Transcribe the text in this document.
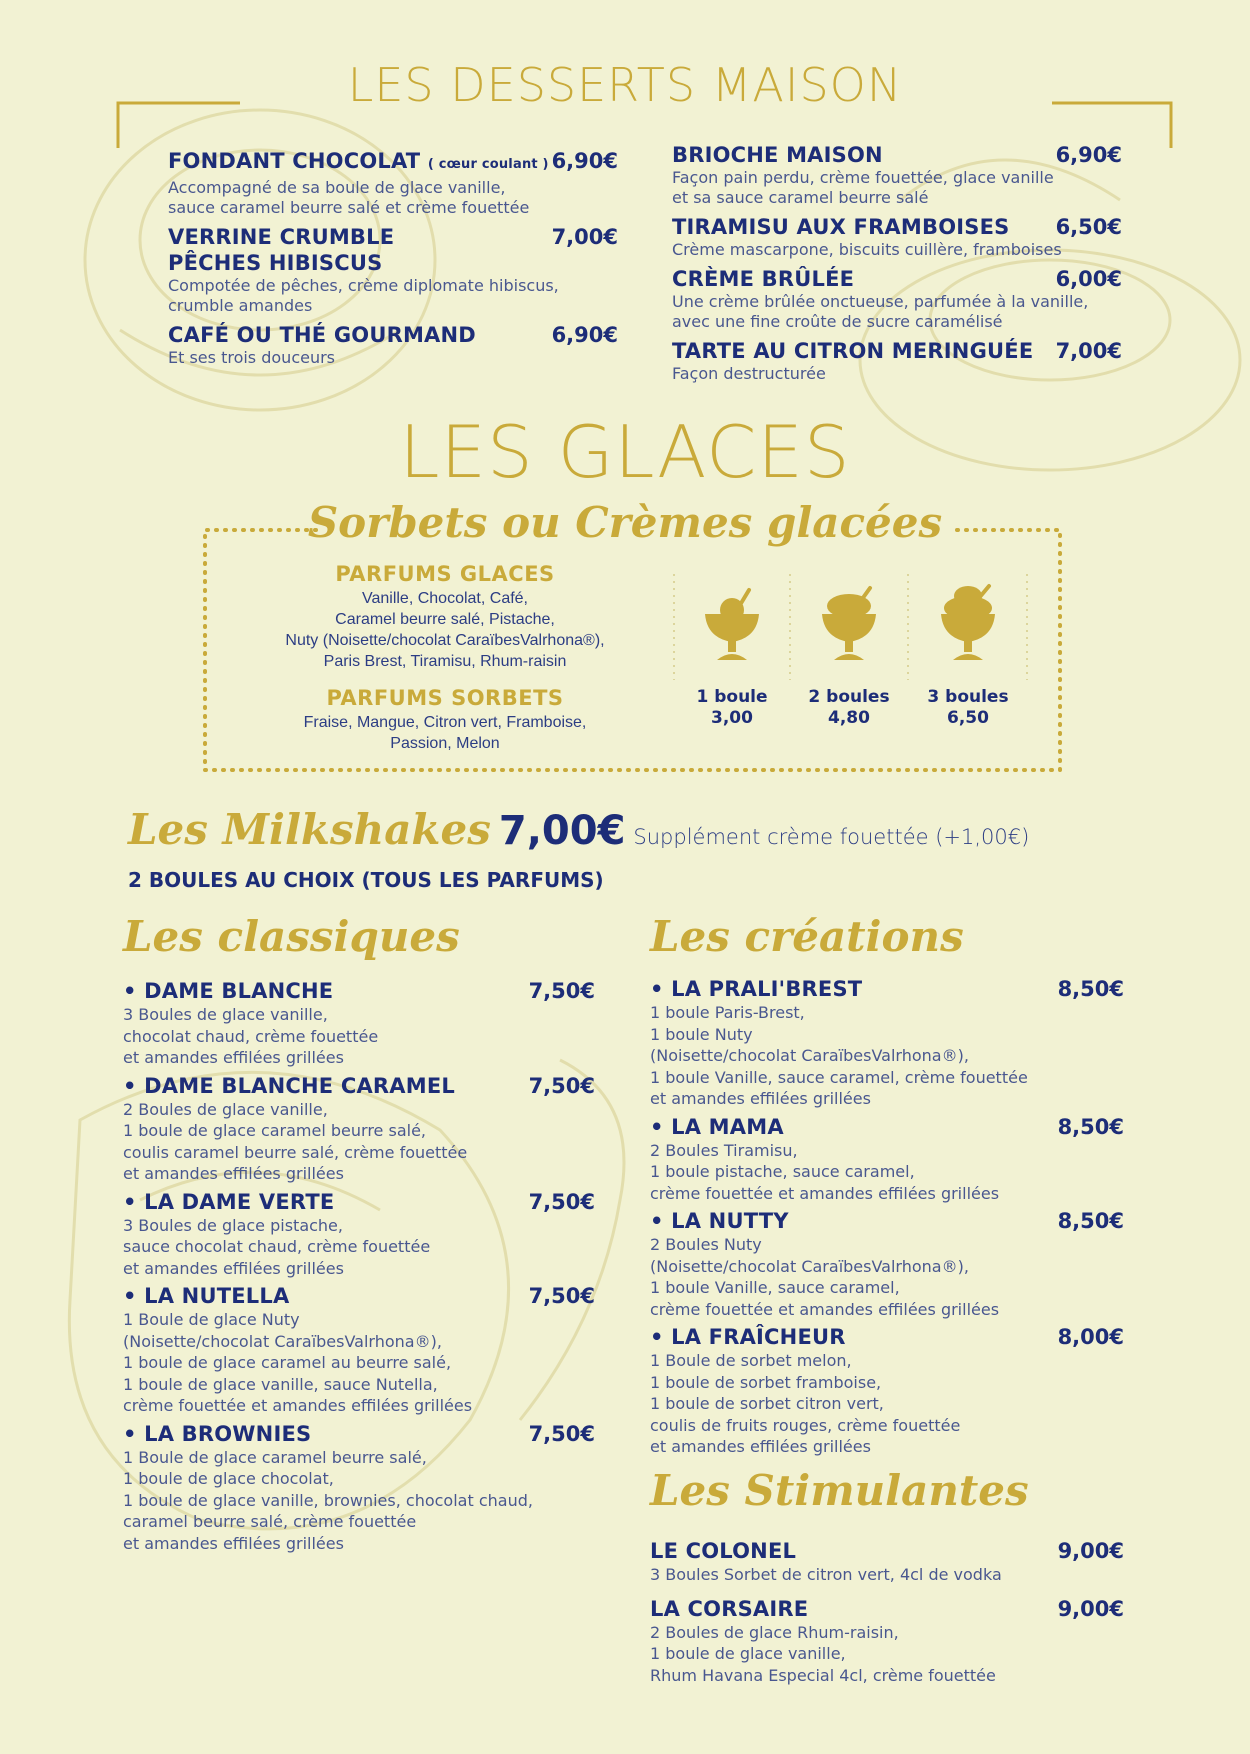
LES DESSERTS MAISON
FONDANT CHOCOLAT ( cœur coulant ) 6,90€
Accompagné de sa boule de glace vanille,
sauce caramel beurre salé et crème fouettée
VERRINE CRUMBLE
PÊCHES HIBISCUS
7,00€
Compotée de pêches, crème diplomate hibiscus,
crumble amandes
CAFÉ OU THÉ GOURMAND	6,90€
Et ses trois douceurs
BRIOCHE MAISON	6,90€
Façon pain perdu, crème fouettée, glace vanille
et sa sauce caramel beurre salé
TIRAMISU AUX FRAMBOISES 6,50€
Crème mascarpone, biscuits cuillère, framboises
CRÈME BRÛLÉE	6,00€
Une crème brûlée onctueuse, parfumée à la vanille,
avec une fine croûte de sucre caramélisé
TARTE AU CITRON MERINGUÉE 7,00€
Façon destructurée
LES GLACES
Sorbets ou Crèmes glacées
PARFUMS GLACES

Vanille, Chocolat, Café,
Caramel beurre salé, Pistache,
Nuty (Noisette/chocolat CaraïbesValrhona®),
Paris Brest, Tiramisu, Rhum-raisin

PARFUMS SORBETS

Fraise, Mangue, Citron vert, Framboise,
Passion, Melon

1 boule
3,00
2 boules
4,80
3 boules
6,50
Les Milkshakes 7,00€ Supplément crème fouettée (+1,00€)
2 BOULES AU CHOIX (TOUS LES PARFUMS)
Les classiques
• DAME BLANCHE	7,50€
3 Boules de glace vanille,
chocolat chaud, crème fouettée
et amandes effilées grillées
• DAME BLANCHE CARAMEL	7,50€
2 Boules de glace vanille,
1 boule de glace caramel beurre salé,
coulis caramel beurre salé, crème fouettée
et amandes effilées grillées
• LA DAME VERTE	7,50€
3 Boules de glace pistache,
sauce chocolat chaud, crème fouettée
et amandes effilées grillées
• LA NUTELLA	7,50€
1 Boule de glace Nuty
(Noisette/chocolat CaraïbesValrhona®),
1 boule de glace caramel au beurre salé,
1 boule de glace vanille, sauce Nutella,
crème fouettée et amandes effilées grillées
• LA BROWNIES	7,50€
1 Boule de glace caramel beurre salé,
1 boule de glace chocolat,
1 boule de glace vanille, brownies, chocolat chaud,
caramel beurre salé, crème fouettée
et amandes effilées grillées
Les créations
• LA PRALI'BREST	8,50€
1 boule Paris-Brest,
1 boule Nuty
(Noisette/chocolat CaraïbesValrhona®),
1 boule Vanille, sauce caramel, crème fouettée
et amandes effilées grillées
• LA MAMA	8,50€
2 Boules Tiramisu,
1 boule pistache, sauce caramel,
crème fouettée et amandes effilées grillées
• LA NUTTY	8,50€
2 Boules Nuty
(Noisette/chocolat CaraïbesValrhona®),
1 boule Vanille, sauce caramel,
crème fouettée et amandes effilées grillées
• LA FRAÎCHEUR	8,00€
1 Boule de sorbet melon,
1 boule de sorbet framboise,
1 boule de sorbet citron vert,
coulis de fruits rouges, crème fouettée
et amandes effilées grillées
Les Stimulantes
LE COLONEL	9,00€
3 Boules Sorbet de citron vert, 4cl de vodka
LA CORSAIRE	9,00€
2 Boules de glace Rhum-raisin,
1 boule de glace vanille,
Rhum Havana Especial 4cl, crème fouettée
